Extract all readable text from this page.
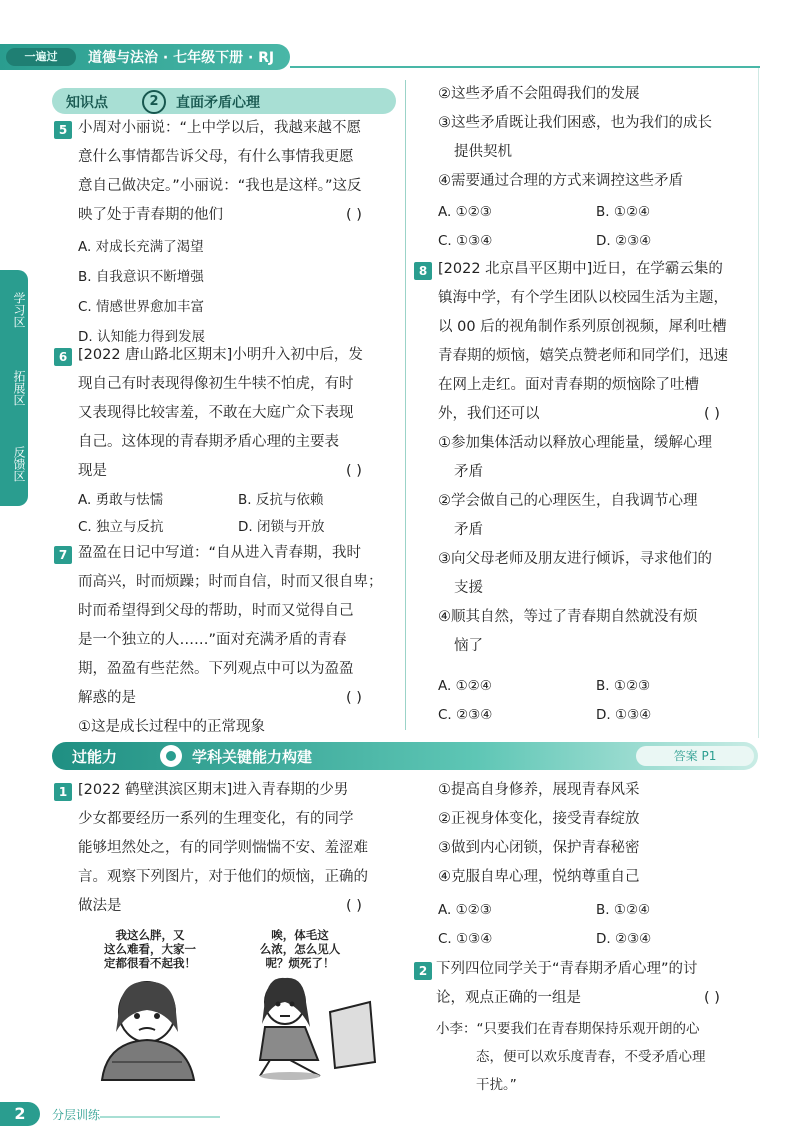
一遍过	道德与法治 · 七年级下册 · RJ
学习区
拓展区
反馈区
知识点	2	直面矛盾心理
5 小周对小丽说：“上中学以后，我越来越不愿
意什么事情都告诉父母，有什么事情我更愿
意自己做决定。”小丽说：“我也是这样。”这反
映了处于青春期的他们	( )
A. 对成长充满了渴望
B. 自我意识不断增强
C. 情感世界愈加丰富
D. 认知能力得到发展
6 [2022 唐山路北区期末]小明升入初中后，发
现自己有时表现得像初生牛犊不怕虎，有时
又表现得比较害羞，不敢在大庭广众下表现
自己。这体现的青春期矛盾心理的主要表
现是	( )
A. 勇敢与怯懦	B. 反抗与依赖
C. 独立与反抗	D. 闭锁与开放
7 盈盈在日记中写道：“自从进入青春期，我时
而高兴，时而烦躁；时而自信，时而又很自卑；
时而希望得到父母的帮助，时而又觉得自己
是一个独立的人……”面对充满矛盾的青春
期，盈盈有些茫然。下列观点中可以为盈盈
解惑的是
①这是成长过程中的正常现象
( )
②这些矛盾不会阻碍我们的发展
③这些矛盾既让我们困惑，也为我们的成长
提供契机
④需要通过合理的方式来调控这些矛盾
A. ①②③	B. ①②④
C. ①③④	D. ②③④
8 [2022 北京昌平区期中]近日，在学霸云集的
镇海中学，有个学生团队以校园生活为主题，
以 00 后的视角制作系列原创视频，犀利吐槽
青春期的烦恼，嬉笑点赞老师和同学们，迅速
在网上走红。面对青春期的烦恼除了吐槽
外，我们还可以
①参加集体活动以释放心理能量，缓解心理
矛盾
②学会做自己的心理医生，自我调节心理
矛盾
③向父母老师及朋友进行倾诉，寻求他们的
支援
④顺其自然，等过了青春期自然就没有烦
恼了
( )
A. ①②④	B. ①②③
C. ②③④	D. ①③④
过能力	学科关键能力构建	答案 P1
1 [2022 鹤壁淇滨区期末]进入青春期的少男
少女都要经历一系列的生理变化，有的同学
能够坦然处之，有的同学则惴惴不安、羞涩难
言。观察下列图片，对于他们的烦恼，正确的
做法是	( )
我这么胖，又
这么难看，大家一
定都很看不起我！
唉，体毛这
么浓，怎么见人
呢？烦死了！
①提高自身修养，展现青春风采
②正视身体变化，接受青春绽放
③做到内心闭锁，保护青春秘密
④克服自卑心理，悦纳尊重自己
A. ①②③	B. ①②④
C. ①③④	D. ②③④
2 下列四位同学关于“青春期矛盾心理”的讨
论，观点正确的一组是	( )
小李：“只要我们在青春期保持乐观开朗的心
态，便可以欢乐度青春，不受矛盾心理
干扰。”
2	分层训练
